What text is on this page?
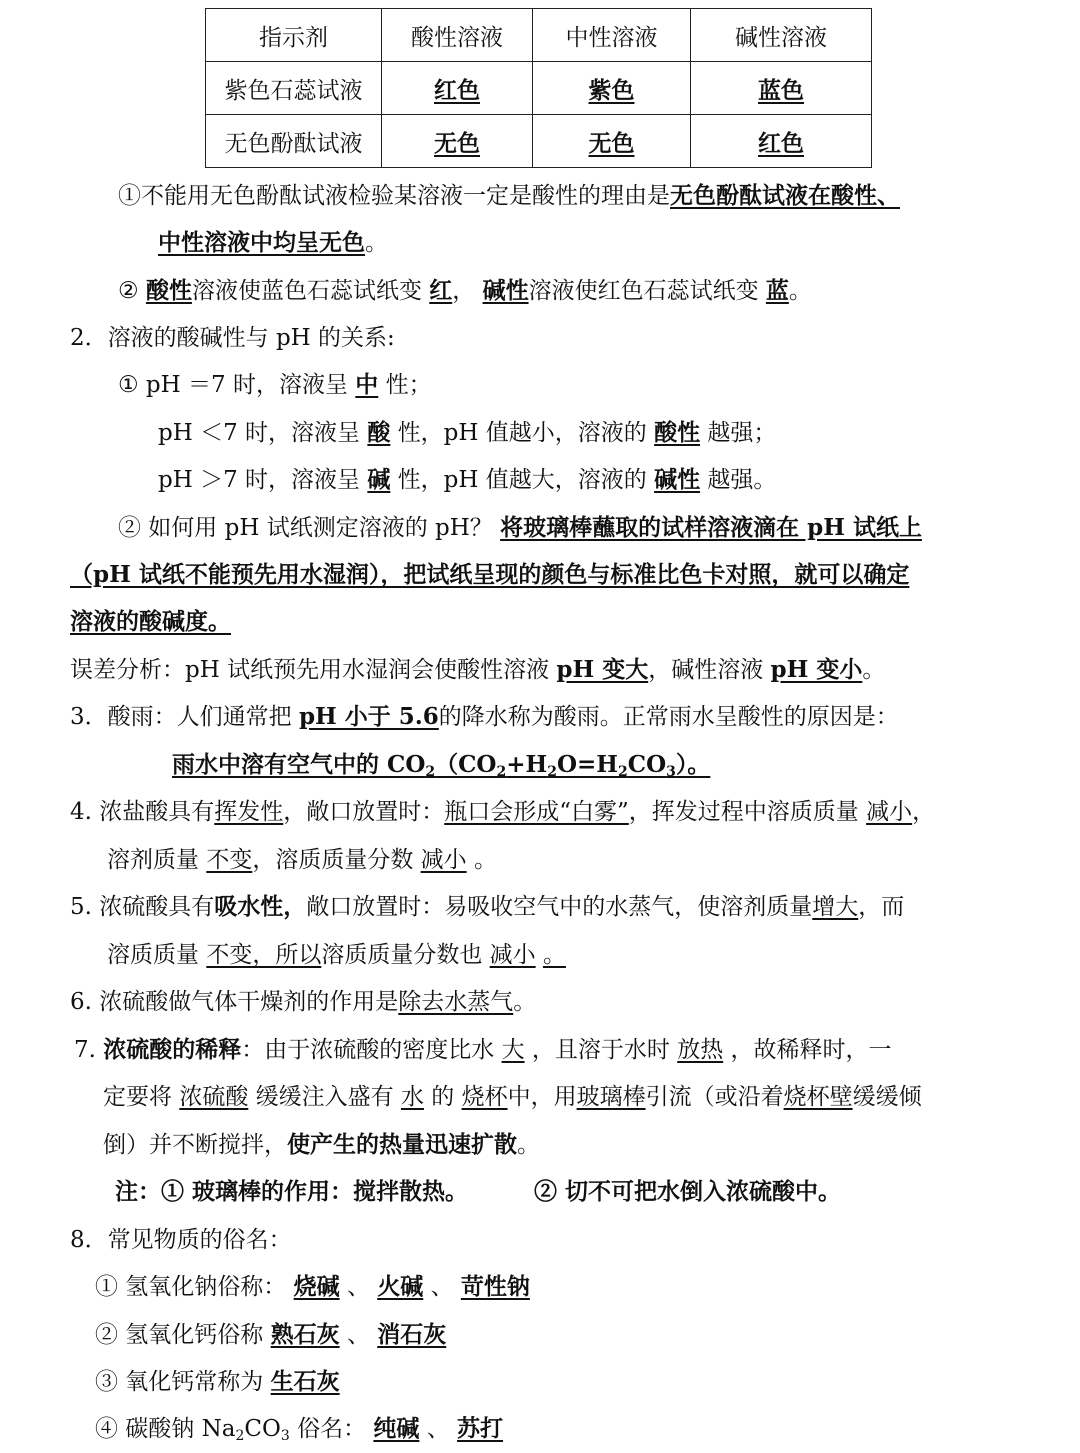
指示剂	酸性溶液	中性溶液	碱性溶液
紫色石蕊试液	红色	紫色	蓝色
无色酚酞试液	无色	无色	红色
①不能用无色酚酞试液检验某溶液一定是酸性的理由是无色酚酞试液在酸性、
中性溶液中均呈无色。
② 酸性溶液使蓝色石蕊试纸变 红， 碱性溶液使红色石蕊试纸变 蓝。
2．溶液的酸碱性与 pH 的关系:
① pH ＝7 时，溶液呈 中 性；
pH ＜7 时，溶液呈 酸 性，pH 值越小，溶液的 酸性 越强；
pH ＞7 时，溶液呈 碱 性，pH 值越大，溶液的 碱性 越强。
② 如何用 pH 试纸测定溶液的 pH？ 将玻璃棒蘸取的试样溶液滴在 pH 试纸上
（pH 试纸不能预先用水湿润），把试纸呈现的颜色与标准比色卡对照，就可以确定
溶液的酸碱度。
误差分析：pH 试纸预先用水湿润会使酸性溶液 pH 变大，碱性溶液 pH 变小。
3．酸雨：人们通常把 pH 小于 5.6的降水称为酸雨。正常雨水呈酸性的原因是：
雨水中溶有空气中的 $CO_2(CO_2+H_2O=H_2CO_3)$。
4. 浓盐酸具有挥发性，敞口放置时：瓶口会形成“白雾”，挥发过程中溶质质量 减小，
溶剂质量 不变，溶质质量分数 减小 。
5. 浓硫酸具有吸水性，敞口放置时：易吸收空气中的水蒸气，使溶剂质量增大，而
溶质质量 不变，所以溶质质量分数也 减小 。
6. 浓硫酸做气体干燥剂的作用是除去水蒸气。
7. 浓硫酸的稀释：由于浓硫酸的密度比水 大 ，且溶于水时 放热 ，故稀释时，一
定要将 浓硫酸 缓缓注入盛有 水 的 烧杯中，用玻璃棒引流（或沿着烧杯壁缓缓倾
倒）并不断搅拌，使产生的热量迅速扩散。
注：① 玻璃棒的作用：搅拌散热。	② 切不可把水倒入浓硫酸中。
8．常见物质的俗名：
① 氢氧化钠俗称： 烧碱 、 火碱 、 苛性钠
② 氢氧化钙俗称 熟石灰 、 消石灰
③ 氧化钙常称为 生石灰
④ 碳酸钠 $Na_2CO_3$ 俗名： 纯碱 、 苏打
